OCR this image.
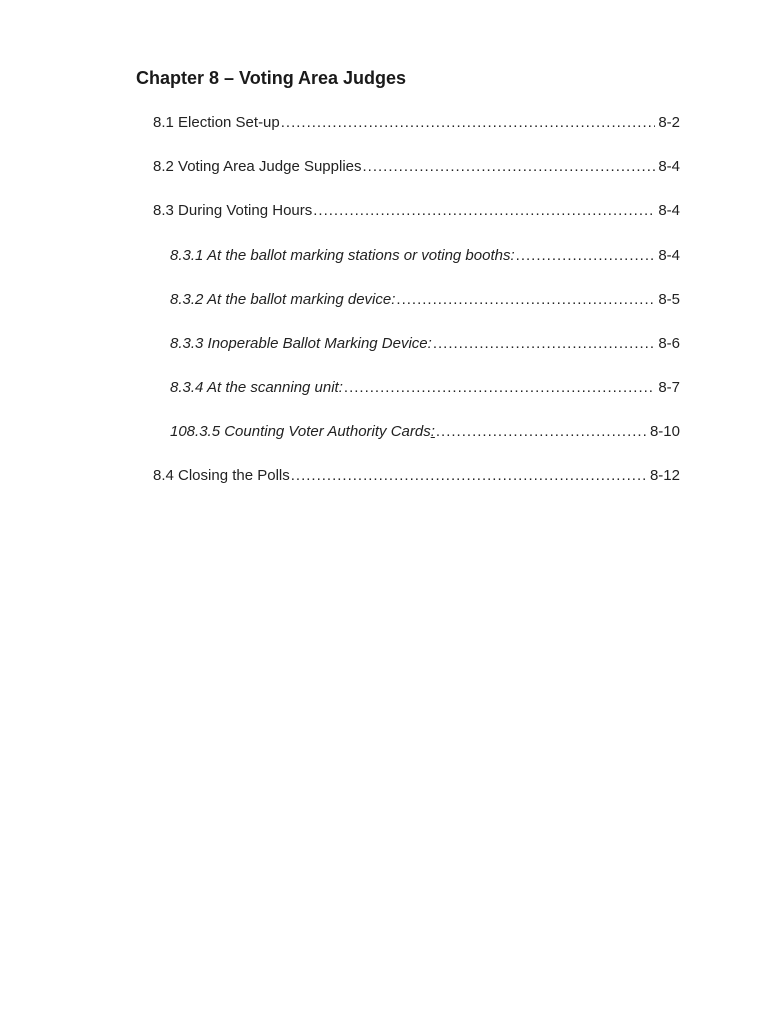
Chapter 8 – Voting Area Judges
8.1 Election Set-up .....	8-2
8.2 Voting Area Judge Supplies .....	8-4
8.3 During Voting Hours .....	8-4
8.3.1 At the ballot marking stations or voting booths: .....	8-4
8.3.2 At the ballot marking device: .....	8-5
8.3.3 Inoperable Ballot Marking Device: .....	8-6
8.3.4 At the scanning unit: .....	8-7
108.3.5 Counting Voter Authority Cards: .....	8-10
8.4 Closing the Polls .....	8-12
